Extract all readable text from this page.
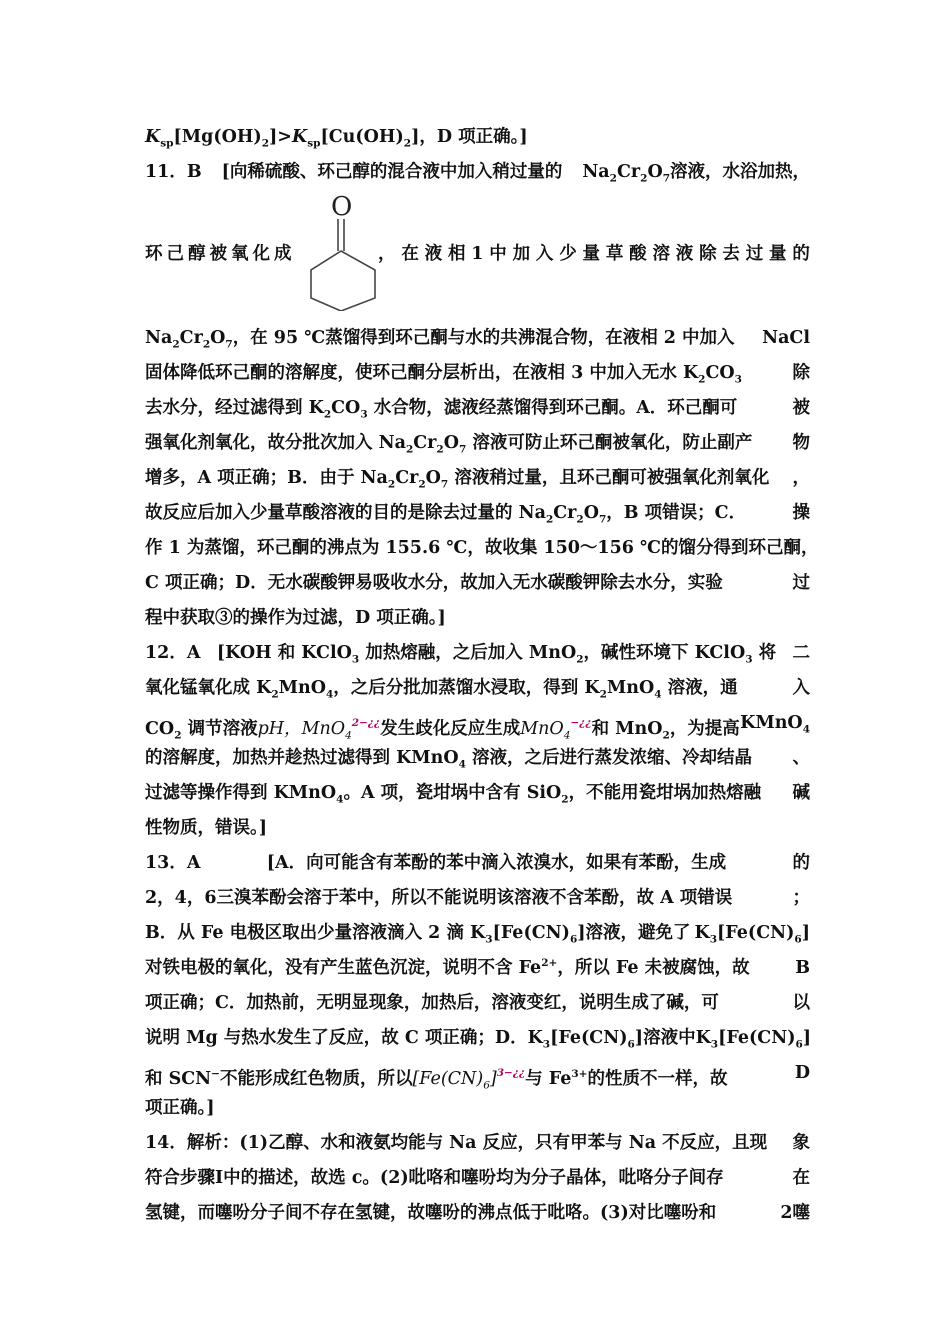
$K_{sp}[Mg(OH)_2]>K_{sp}[Cu(OH)_2]$，D 项正确。]
11．B [向稀硫酸、环己醇的混合液中加入稍过量的 $Na_2Cr_2O_7$溶液，水浴加热，
环己醇被氧化成
O
， 在 液 相 1 中 加 入 少 量 草 酸 溶 液 除 去 过 量 的
$Na_2Cr_2O_7$，在 95 ℃蒸馏得到环己酮与水的共沸混合物，在液相 2 中加入 NaCl
固体降低环己酮的溶解度，使环己酮分层析出，在液相 3 中加入无水 $K_2CO_3$	除
去水分，经过滤得到 $K_2CO_3$ 水合物，滤液经蒸馏得到环己酮。A．环己酮可	被
强氧化剂氧化，故分批次加入 $Na_2Cr_2O_7$ 溶液可防止环己酮被氧化，防止副产 物
增多，A 项正确；B．由于 $Na_2Cr_2O_7$ 溶液稍过量，且环己酮可被强氧化剂氧化 ，
故反应后加入少量草酸溶液的目的是除去过量的 $Na_2Cr_2O_7$，B 项错误；C．	操
作 1 为蒸馏，环己酮的沸点为 155.6 ℃，故收集 150～156 ℃的馏分得到环己酮 ，
C 项正确；D．无水碳酸钾易吸收水分，故加入无水碳酸钾除去水分，实验	过
程中获取③的操作为过滤，D 项正确。]
12．A [KOH 和 KClO$_3$ 加热熔融，之后加入 MnO$_2$，碱性环境下 KClO$_3$ 将 二
氧化锰氧化成 $K_2MnO_4$，之后分批加蒸馏水浸取，得到 $K_2MnO_4$ 溶液，通	入
$CO_2$ 调节溶液pH，MnO$_4^{2-¿¿}$发生歧化反应生成MnO$_4$−¿¿和 MnO$_2$，为提高 KMnO$_4$
的溶解度，加热并趁热过滤得到 KMnO$_4$ 溶液，之后进行蒸发浓缩、冷却结晶 、
过滤等操作得到 KMnO$_4$。A 项，瓷坩埚中含有 SiO$_2$，不能用瓷坩埚加热熔融 碱
性物质，错误。]
13．A	[A．向可能含有苯酚的苯中滴入浓溴水，如果有苯酚，生成	的
2，4，6三溴苯酚会溶于苯中，所以不能说明该溶液不含苯酚，故 A 项错误	；
B．从 Fe 电极区取出少量溶液滴入 2 滴 $K_3[Fe(CN)_6]$溶液，避免了 $K_3[Fe(CN)_6]$
对铁电极的氧化，没有产生蓝色沉淀，说明不含 $Fe^{2+}$，所以 Fe 未被腐蚀，故	B
项正确；C．加热前，无明显现象，加热后，溶液变红，说明生成了碱，可	以
说明 Mg 与热水发生了反应，故 C 项正确；D．$K_3[Fe(CN)_6]$溶液中 $K_3[Fe(CN)_6]$
和 SCN−不能形成红色物质，所以$[Fe(CN)_6]^{3-¿¿}$与 $Fe^{3+}$的性质不一样，故	D
项正确。]
14．解析：(1)乙醇、水和液氨均能与 Na 反应，只有甲苯与 Na 不反应，且现 象
符合步骤Ⅰ中的描述，故选 c。(2)吡咯和噻吩均为分子晶体，吡咯分子间存	在
氢键，而噻吩分子间不存在氢键，故噻吩的沸点低于吡咯。(3)对比噻吩和	2噻
